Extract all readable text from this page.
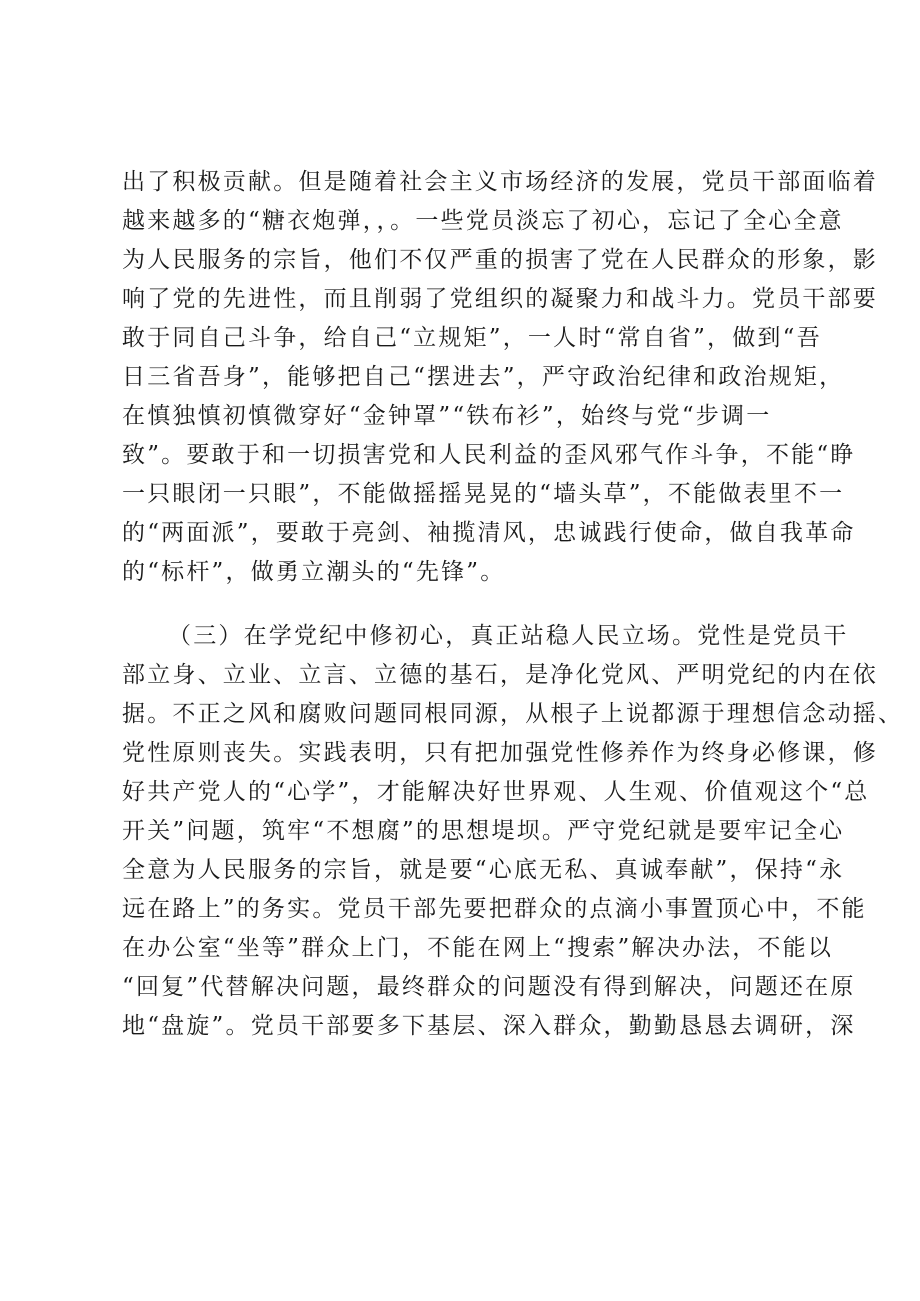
出了积极贡献。但是随着社会主义市场经济的发展，党员干部面临着
越来越多的“糖衣炮弹，，。一些党员淡忘了初心，忘记了全心全意
为人民服务的宗旨，他们不仅严重的损害了党在人民群众的形象，影
响了党的先进性，而且削弱了党组织的凝聚力和战斗力。党员干部要
敢于同自己斗争，给自己“立规矩”，一人时“常自省”，做到“吾
日三省吾身”，能够把自己“摆进去”，严守政治纪律和政治规矩，
在慎独慎初慎微穿好“金钟罩”“铁布衫”，始终与党“步调一
致”。要敢于和一切损害党和人民利益的歪风邪气作斗争，不能“睁
一只眼闭一只眼”，不能做摇摇晃晃的“墙头草”，不能做表里不一
的“两面派”，要敢于亮剑、袖揽清风，忠诚践行使命，做自我革命
的“标杆”，做勇立潮头的“先锋”。
（三）在学党纪中修初心，真正站稳人民立场。党性是党员干
部立身、立业、立言、立德的基石，是净化党风、严明党纪的内在依
据。不正之风和腐败问题同根同源，从根子上说都源于理想信念动摇、
党性原则丧失。实践表明，只有把加强党性修养作为终身必修课，修
好共产党人的“心学”，才能解决好世界观、人生观、价值观这个“总
开关”问题，筑牢“不想腐”的思想堤坝。严守党纪就是要牢记全心
全意为人民服务的宗旨，就是要“心底无私、真诚奉献”，保持“永
远在路上”的务实。党员干部先要把群众的点滴小事置顶心中，不能
在办公室“坐等”群众上门，不能在网上“搜索”解决办法，不能以
“回复”代替解决问题，最终群众的问题没有得到解决，问题还在原
地“盘旋”。党员干部要多下基层、深入群众，勤勤恳恳去调研，深
